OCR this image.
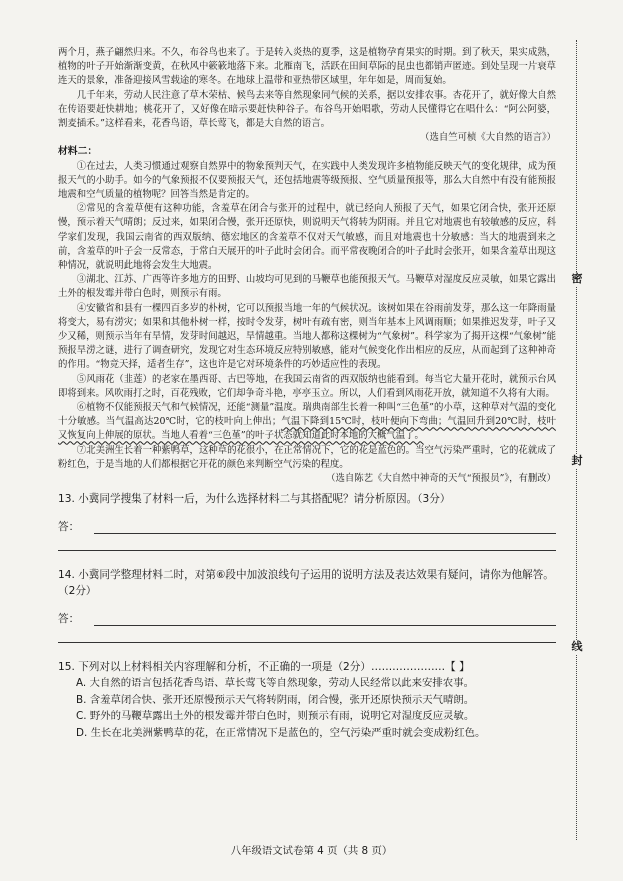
两个月，燕子翩然归来。不久，布谷鸟也来了。于是转入炎热的夏季，这是植物孕育果实的时期。到了秋天，果实成熟，植物的叶子开始渐渐变黄，在秋风中簌簌地落下来。北雁南飞，活跃在田间草际的昆虫也都销声匿迹。到处呈现一片衰草连天的景象，准备迎接风雪载途的寒冬。在地球上温带和亚热带区域里，年年如是，周而复始。

几千年来，劳动人民注意了草木荣枯、候鸟去来等自然现象同气候的关系，据以安排农事。杏花开了，就好像大自然在传语要赶快耕地；桃花开了，又好像在暗示要赶快种谷子。布谷鸟开始唱歌，劳动人民懂得它在唱什么：“阿公阿婆，割麦插禾。”这样看来，花香鸟语，草长莺飞，都是大自然的语言。

（选自竺可桢《大自然的语言》）

材料二：

①在过去，人类习惯通过观察自然界中的物象预判天气，在实践中人类发现许多植物能反映天气的变化规律，成为预报天气的小助手。如今的气象预报不仅要预报天气，还包括地震等级预报、空气质量预报等，那么大自然中有没有能预报地震和空气质量的植物呢？回答当然是肯定的。

②常见的含羞草便有这种功能，含羞草在闭合与张开的过程中，就已经向人预报了天气，如果它闭合快，张开还原慢，预示着天气晴朗；反过来，如果闭合慢，张开还原快，则说明天气将转为阴雨。并且它对地震也有较敏感的反应，科学家们发现，我国云南省的西双版纳、德宏地区的含羞草不仅对天气敏感，而且对地震也十分敏感：当大的地震到来之前，含羞草的叶子会一反常态，于常白天展开的叶子此时会闭合。而平常夜晚闭合的叶子此时会张开，如果含羞草出现这种情况，就说明此地将会发生大地震。

③湖北、江苏、广西等许多地方的田野、山坡均可见到的马鞭草也能预报天气。马鞭草对湿度反应灵敏，如果它露出土外的根发霉并带白色时，则预示有雨。

④安徽省和县有一棵四百多岁的朴树，它可以预报当地一年的气候状况。该树如果在谷雨前发芽，那么这一年降雨量将变大，易有涝灾；如果和其他朴树一样，按时令发芽，树叶有疏有密，则当年基本上风调雨顺；如果推迟发芽，叶子又少又稀，则预示当年有旱情，发芽时间越迟，旱情越重。当地人都称这棵树为“气象树”。科学家为了揭开这棵“气象树”能预报旱涝之谜，进行了调查研究，发现它对生态环境反应特别敏感，能对气候变化作出相应的反应，从而起到了这种神奇的作用。“物竞天择，适者生存”，这也许是它对环境条件的巧妙适应性的表现。

⑤风雨花（韭莲）的老家在墨西哥、古巴等地，在我国云南省的西双版纳也能看到。每当它大量开花时，就预示台风即将到来。风吹雨打之时，百花残败，它们却争奇斗艳，亭亭玉立。所以，人们看到风雨花开放，就知道不久将有大雨。

⑥植物不仅能预报天气和气候情况，还能“测量”温度。瑞典南部生长着一种叫“三色堇”的小草，这种草对气温的变化十分敏感。当气温高达20℃时，它的枝叶向上伸出；气温下降到15℃时，枝叶便向下弯曲；气温回升到20℃时，枝叶又恢复向上伸展的原状。当地人看着“三色堇”的叶子状态就知道此时本地的大概气温了。

⑦北美洲生长着一种紫鸭草，这种草的花很小，在正常情况下，它的花是蓝色的。当空气污染严重时，它的花就成了粉红色，于是当地的人们都根据它开花的颜色来判断空气污染的程度。

（选自陈艺《大自然中神奇的天气“预报员”》，有删改）

13. 小冀同学搜集了材料一后，为什么选择材料二与其搭配呢？请分析原因。（3分）

答：

14. 小冀同学整理材料二时，对第⑥段中加波浪线句子运用的说明方法及表达效果有疑问，请你为他解答。（2分）

答：

15. 下列对以上材料相关内容理解和分析，不正确的一项是（2分）…………………【 】

A. 大自然的语言包括花香鸟语、草长莺飞等自然现象，劳动人民经常以此来安排农事。

B. 含羞草闭合快、张开还原慢预示天气将转阴雨，闭合慢，张开还原快预示天气晴朗。

C. 野外的马鞭草露出土外的根发霉并带白色时，则预示有雨，说明它对湿度反应灵敏。

D. 生长在北美洲紫鸭草的花，在正常情况下是蓝色的，空气污染严重时就会变成粉红色。

密
封
线
八年级语文试卷第 4 页（共 8 页）
